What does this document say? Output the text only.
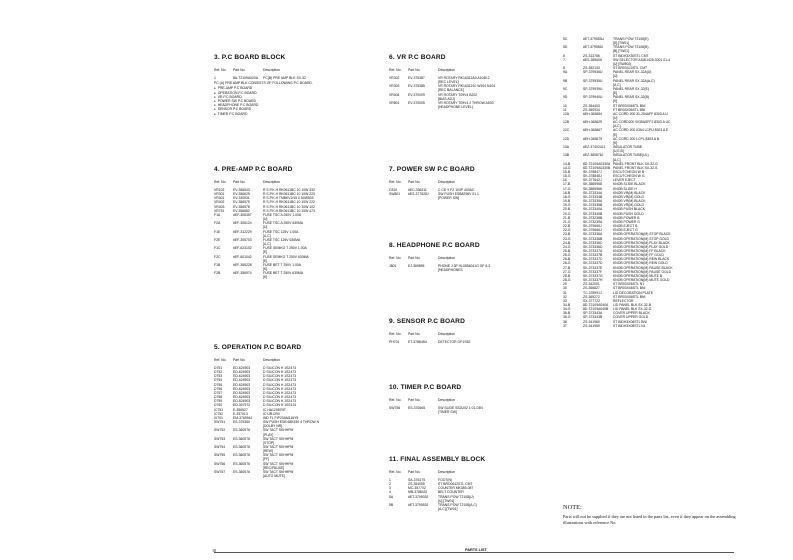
3. P.C BOARD BLOCK
Ref. No.	Part No.	Description
1	8A-T2109A020A	PC(B) PRE AMP BLK SX-32
PC (A) PRE AMP BLK CONSISTS OF FOLLOWING P.C BOARD.
● PRE-AMP P.C BOARD
● OPERATION P.C BOARD
● VR P.C BOARD
● POWER SW P.C BOARD
● HEADPHONE P.C BOARD
● SENSOR P.C BOARD
● TIMER P.C BOARD
4. PRE-AMP P.C BOARD
Ref. No.	Part No.	Description
VR102	EV-356543	R S.P.K.H RK0611BC 10 10W 332
VR301	EV-356629	R S.P.K.H RK0611BC 10 10W 223
VR401	EV-330531	R S.P.K.H TMBKV2/15 0.50W503
VR402	EV-356575	R S.P.K.H RK0611BC 10 10W 222
VR403	EV-356578	R S.P.K.H RK0611BC 10 10W 102
VR751	EV-356582	R S.P.K.H RK0611BC 10 10W 473
F1A	#EF-306357	FUSE TSC A 250V 1.00A
[U]
F2A	#EF-306124	FUSE TSC A 250V 630MA
[U]
F1E	#EF-312229	FUSE TSC 125V 1.00A
[A,C]
F2E	#EF-305703	FUSE TSC 125V 630MA
[A,C]
F1C	#EF-623102	FUSE SEMKO T 250V 1.00A
[E]
F2C	#EF-601042	FUSE SEMKO T 250V 630MA
[E]
F1B	#EF-355228	FUSE BET T 250V 1.00A
[K]
F2B	#EF-356974	FUSE BET T 250V 630MA
[K]
5. OPERATION P.C BOARD
Ref. No.	Part No.	Description
D751	ED-624903	D SILICON H 1S2473
D752	ED-624903	D SILICON H 1S2473
D753	ED-624903	D SILICON H 1S2473
D754	ED-624903	D SILICON H 1S2473
D755	ED-624903	D SILICON H 1S2473
D756	ED-624903	D SILICON H 1S2473
D757	ED-624903	D SILICON H 1S2473
D758	ED-624903	D SILICON H 1S2473
D759	ED-624903	D SILICON H 1S2473
D760	ED-307572	D SILICON H 1SS131
IC751	E-356527	IC HA12087NT
IC752	E-337013	IC UR1290
IV701	EM-376994J	IND FL FIP20AM116Y5
SW751	ES-375360	SW PUSH ESB 68K530 4 THROW N
[DOLBY NR]
SW752	ES-360576	SW TACT SKHHPM
[PLAY]
SW753	ES-360576	SW TACT SKHHPM
[STOP]
SW754	ES-360576	SW TACT SKHHPM
[REW]
SW755	ES-360576	SW TACT SKHHPM
[FF]
SW756	ES-360576	SW TACT SKHHPM
[REC/PAUSE]
SW757	ES-360576	SW TACT SKHHPM
[AUTO MUTE]
6. VR P.C BOARD
Ref. No.	Part No.	Description
VR302	EV-375387	VR ROTARY RK16312A0 A104K2
[REC LEVEL]
VR303	EV-375385	VR ROTARY RK1631210 W104 N104
[REC BALANCE]
VR404	EV-370009	VR ROTARY T09V4 B202
[BIAS ADJ]
VR801	EV-370005	VR ROTARY T09V4 2 THROW A503
[HEADPHONE LEVEL]
7. POWER SW P.C BOARD
Ref. No.	Part No.	Description
C810	#EC-336411	C CE Y FZ 103P 400AC
SW801	#ES-377828J	SW PUSH ESB8298V 01.1
[POWER SW]
8. HEADPHONE P.C BOARD
Ref. No.	Part No.	Description
J801	EJ-369895	PHONE J 3P HL0554041G GF 6.3
[HEADPHONES
9. SENSOR P.C BOARD
Ref. No.	Part No.	Description
PH701	ET-378845U	DETECTOR GP1S52
10. TIMER P.C BOARD
Ref. No.	Part No.	Description
SW756	ES-370665	SW SLIDE SS2U02 1 01-03N
[TIMER SW]
11. FINAL ASSEMBLY BLOCK
Ref. No.	Part No.	Description
1	SA-376375	FOOT(N)
2	ZS-354055	ST BRO0612STL CMT
3	MC-357702	COUNTER MK385-087
4	MB-378843J	BELT COUNTER
5A	#ET-379503J	TRANS POW T2108(U)
[U],[TW01]
5B	#ET-379553J	TRANS POW T2108(A,C)
[A,C],[TW01]
5C	#ET-379553U	TRANS POW T2108(E)
[E],[TW01]
5D	#ET-379555J	TRANS POW T2108(B)
[B],[TW01]
6	ZS-313786	ST BIDH3X30STL CMT
7	#ES-359606	SW SELECTOR ASW1425-0201 01-4
[U] [SW802]
8	ZS-352133	ST BR03X10STL CMT
9A	SP-379936U	PANEL REAR SX-32A(U)
[U]
9B	SP-379935U	PANEL REAR SX-32A(A,C)
[A,C]
9C	SP-379939U	PANEL REAR SX-32(E)
[E]
9D	SP-379940U	PANEL REAR SX-32(B)
[K]
10	ZS-354403	ST BR03X06STL BNI
11	ZS-350934	FT BR03X06STL BNI
12A	#EH-363654	AC CORD 200 31-254AFF 8303 A U
[U]
12B	#EH-363629	AC CORD200 0035ASFF2 8303 A UC
[A,C]
12C	#EH-363667	AC CORD 200 0364 LCPU 8303 A E
[E]
12D	#EH-363679	AC CORD 200 LCPL 8303 A B
[K]
13A	#EZ-374024J1	INSULATOR TUBE
[U,E,B]
13B	#EZ-380876J	INSULATOR TUBE(UL)
[A,C]
14-B	8D-T2109A0330A PANEL FRONT BLK SX-32-G
14-G	8D-T2109A0330B PANEL FRONT BLK SX-32-S
15-B	SK-378847J	ESCUTCHEON W B
15-G	SK-378848J	ESCUTCHEON W G
16	SK-377642J	LEVER EJECT
17-B	SK-3565968	KNOB SLIDE BLACK
17-G	SK-3565966	KNOB SLIDE H
18-B	SK-373334A	KNOB VR(M) BLACK
18-G	SK-373334B	KNOB VR(M) GOLD
19-B	SK-373335A	KNOB VR(M) BLACK
19-G	SK-373335B	KNOB VR(M) GOLD
20-B	SK-373340A	KNOB PUSH BLACK
20-G	SK-373340B	KNOB PUSH GOLD
21-B	SK-373238B	KNOB POWER B
21-G	SK-373239A	KNOB POWER G
22-B	SK-379665J	KNOB EJECT B
22-G	SK-379666J	KNOB EJECT G
23-B	SK-373336A	KNOB OPERATION(M) STOP BLACK
23-G	SK-373336B	KNOB OPERATION(M) STOP GOLD
24-B	SK-373336C	KNOB OPERATION(M) PLAY BLACK
24-G	SK-373336D	KNOB OPERATION(M) PLAY GOLD
25-B	SK-373337A	KNOB OPERATION(M) FF BLACK
25-G	SK-373337B	KNOB OPERATION(M) FF GOLD
26-B	SK-373337C	KNOB OPERATION(M) REW BLACK
26-G	SK-373337D	KNOB OPERATION(M) REW GOLD
27-B	SK-373337E	KNOB OPERATION(M) PAUSE BLACK
27-G	SK-373337F	KNOB OPERATION(M) PAUSE GOLD
28-B	SK-373337G	KNOB OPERATION(M) MUTE B
28-G	SK-373337H	KNOB OPERATION(M) MUTE GOLD
29	ZS-342001	ST BR03X06STL N1
30	ZS-356827	ST BR03X06STL BNI
31	TC-378991J	LID DECORATION PLATE
32	ZS-365272	ST BR03X06STL BNI
33	SX-377722	REFLECTOR
34-B	8D-T2109A040A	LID PANEL BLK SX-32-B
34-G	8D-T2109A040B	LID PANEL BLK SX-32-G
35-B	SP-373343A	COVER UPPER BLACK
35-G	SP-373343B	COVER UPPER GOLD
36	ZS-341960	ST BIDH3X06STL BNI
37	ZS-341959	ST BIDH3X08STL N1
NOTE:

Parts will not be supplied if they are not listed in the parts list, even if they appear on the assembling illustrations with reference No.

10	PARTS LIST
